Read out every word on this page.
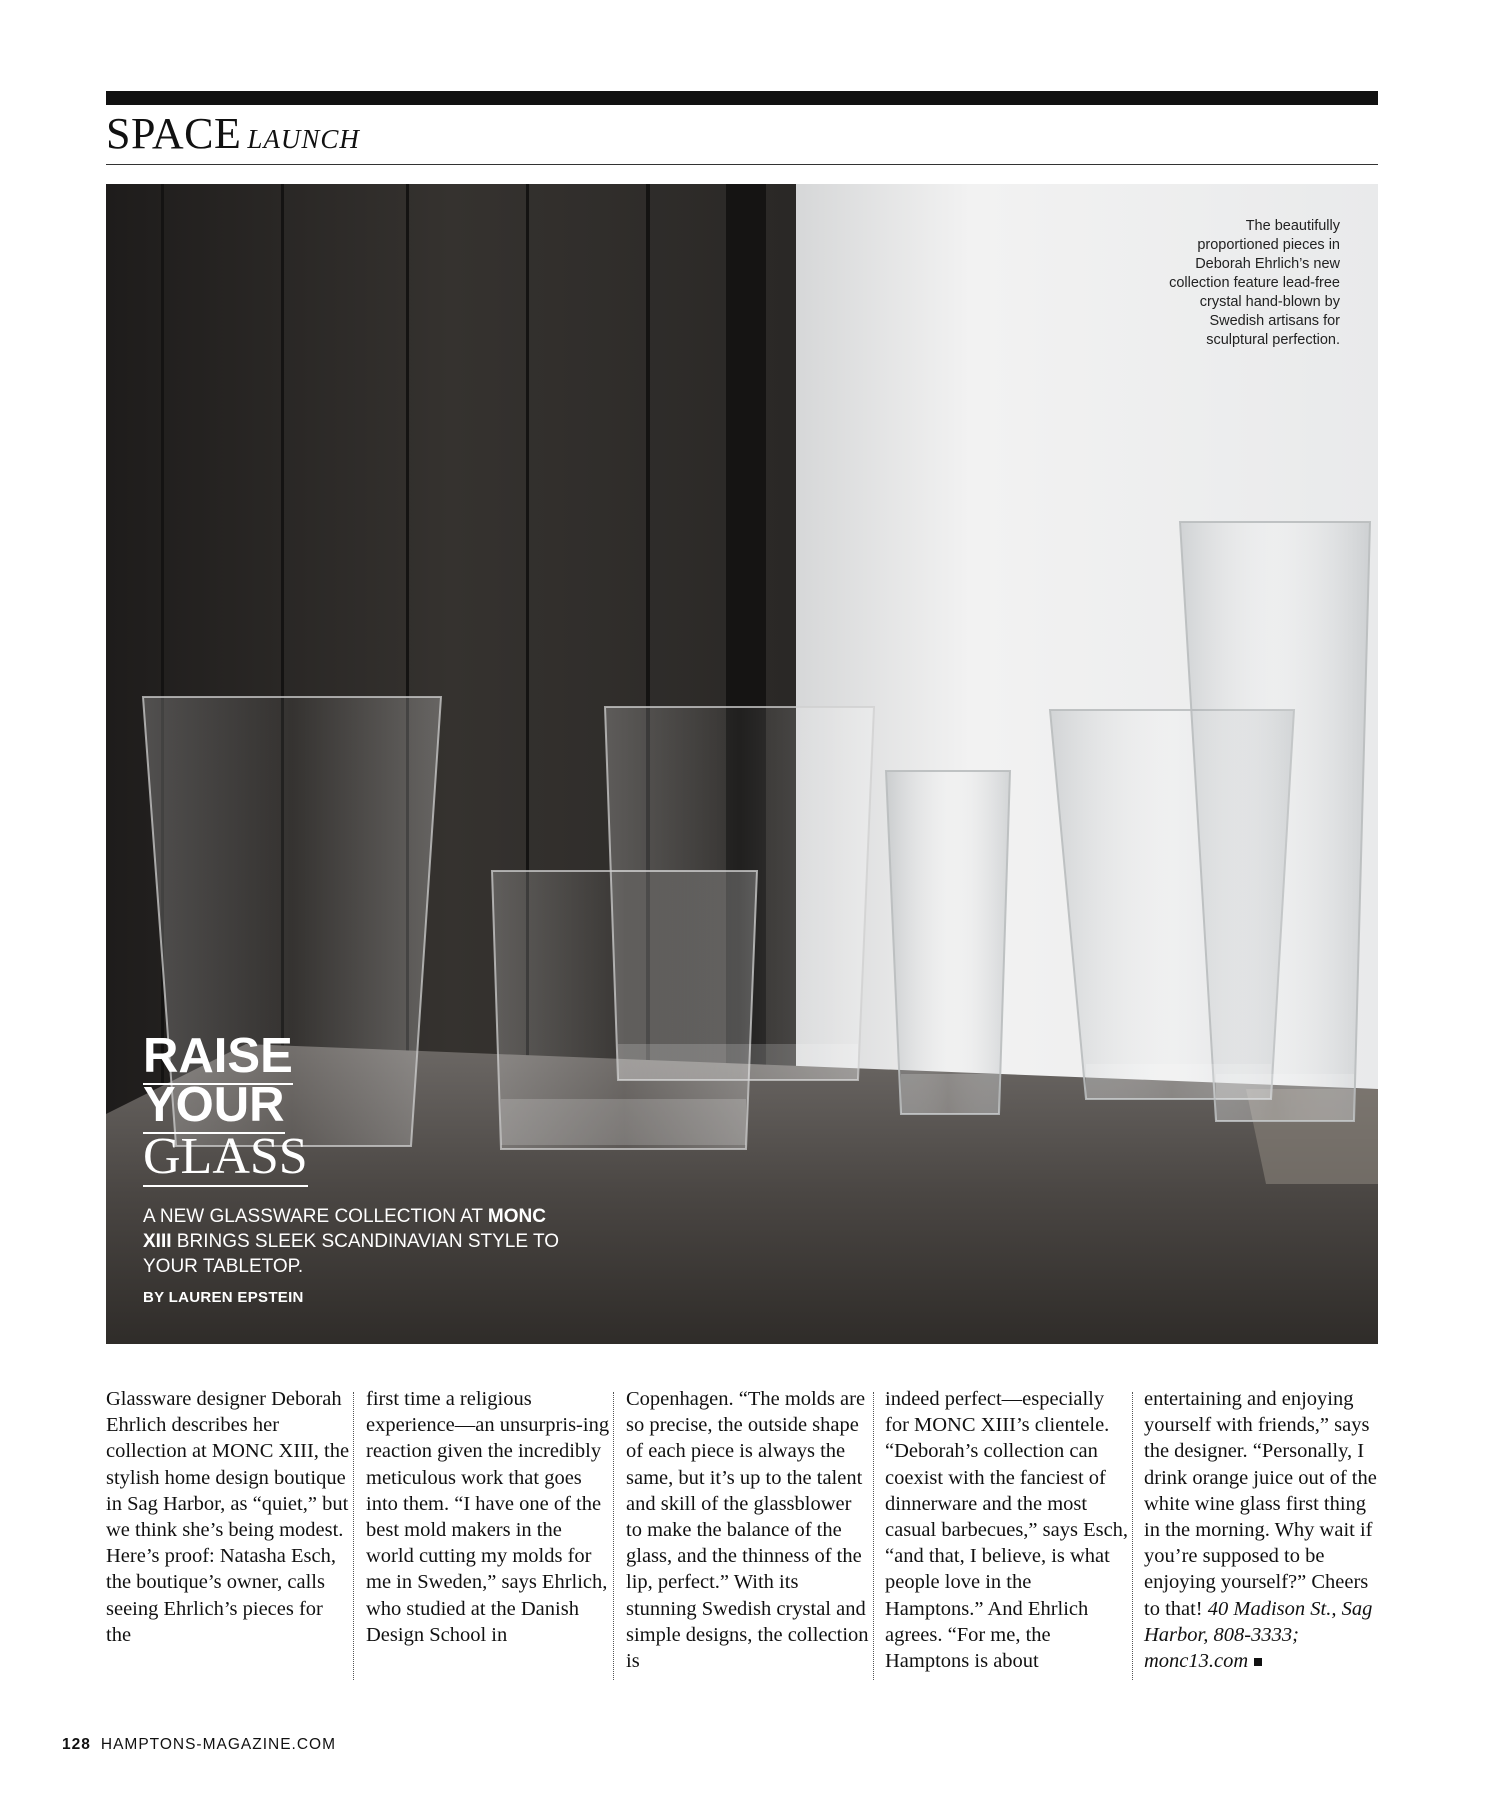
SPACE LAUNCH
The beautifully proportioned pieces in Deborah Ehrlich’s new collection feature lead-free crystal hand-blown by Swedish artisans for sculptural perfection.
RAISE
YOUR
GLASS
A NEW GLASSWARE COLLECTION AT MONC XIII BRINGS SLEEK SCANDINAVIAN STYLE TO YOUR TABLETOP.
BY LAUREN EPSTEIN
Glassware designer Deborah Ehrlich describes her collection at MONC XIII, the stylish home design boutique in Sag Harbor, as “quiet,” but we think she’s being modest. Here’s proof: Natasha Esch, the boutique’s owner, calls seeing Ehrlich’s pieces for the
first time a religious experience—an unsurpris-ing reaction given the incredibly meticulous work that goes into them. “I have one of the best mold makers in the world cutting my molds for me in Sweden,” says Ehrlich, who studied at the Danish Design School in
Copenhagen. “The molds are so precise, the outside shape of each piece is always the same, but it’s up to the talent and skill of the glassblower to make the balance of the glass, and the thinness of the lip, perfect.” With its stunning Swedish crystal and simple designs, the collection is
indeed perfect—especially for MONC XIII’s clientele. “Deborah’s collection can coexist with the fanciest of dinnerware and the most casual barbecues,” says Esch, “and that, I believe, is what people love in the Hamptons.” And Ehrlich agrees. “For me, the Hamptons is about
entertaining and enjoying yourself with friends,” says the designer. “Personally, I drink orange juice out of the white wine glass first thing in the morning. Why wait if you’re supposed to be enjoying yourself?” Cheers to that! 40 Madison St., Sag Harbor, 808-3333; monc13.com
128 HAMPTONS-MAGAZINE.COM
